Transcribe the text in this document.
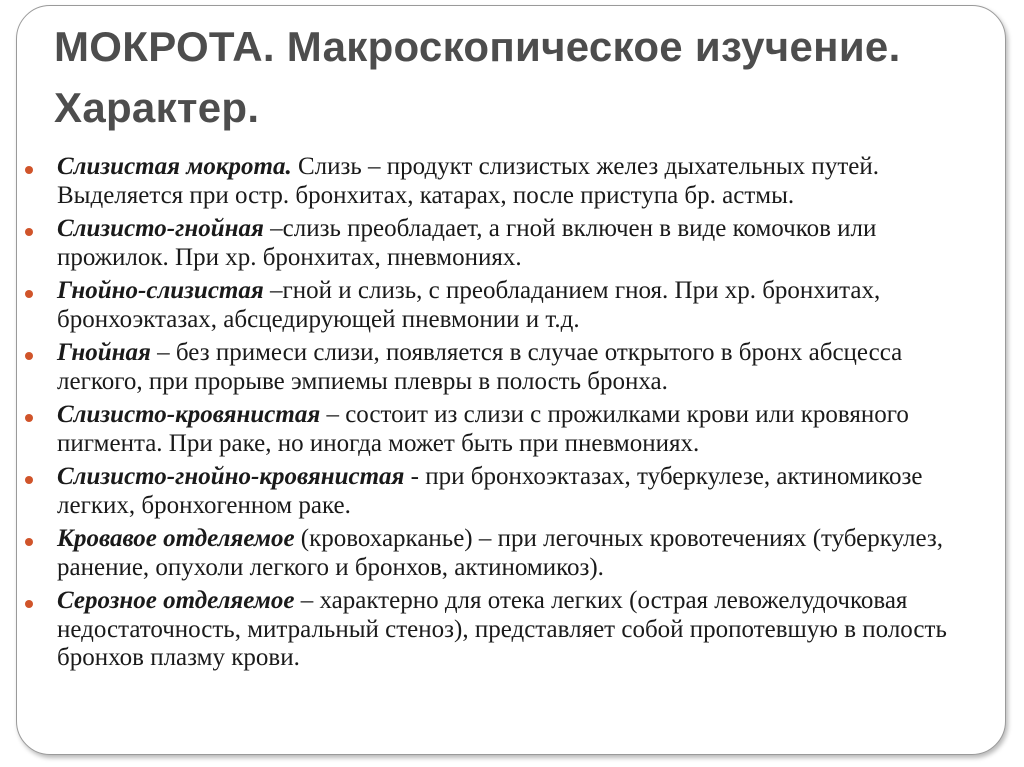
МОКРОТА. Макроскопическое изучение. Характер.
Слизистая мокрота. Слизь – продукт слизистых желез дыхательных путей. Выделяется при остр. бронхитах, катарах, после приступа бр. астмы.
Слизисто-гнойная –слизь преобладает, а гной включен в виде комочков или прожилок. При хр. бронхитах, пневмониях.
Гнойно-слизистая –гной и слизь, с преобладанием гноя. При хр. бронхитах, бронхоэктазах, абсцедирующей пневмонии и т.д.
Гнойная – без примеси слизи, появляется в случае открытого в бронх абсцесса легкого, при прорыве эмпиемы плевры в полость бронха.
Слизисто-кровянистая – состоит из слизи с прожилками крови или кровяного пигмента. При раке, но иногда может быть при пневмониях.
Слизисто-гнойно-кровянистая - при бронхоэктазах, туберкулезе, актиномикозе легких, бронхогенном раке.
Кровавое отделяемое (кровохарканье) – при легочных кровотечениях (туберкулез, ранение, опухоли легкого и бронхов, актиномикоз).
Серозное отделяемое – характерно для отека легких (острая левожелудочковая недостаточность, митральный стеноз), представляет собой пропотевшую в полость бронхов плазму крови.
